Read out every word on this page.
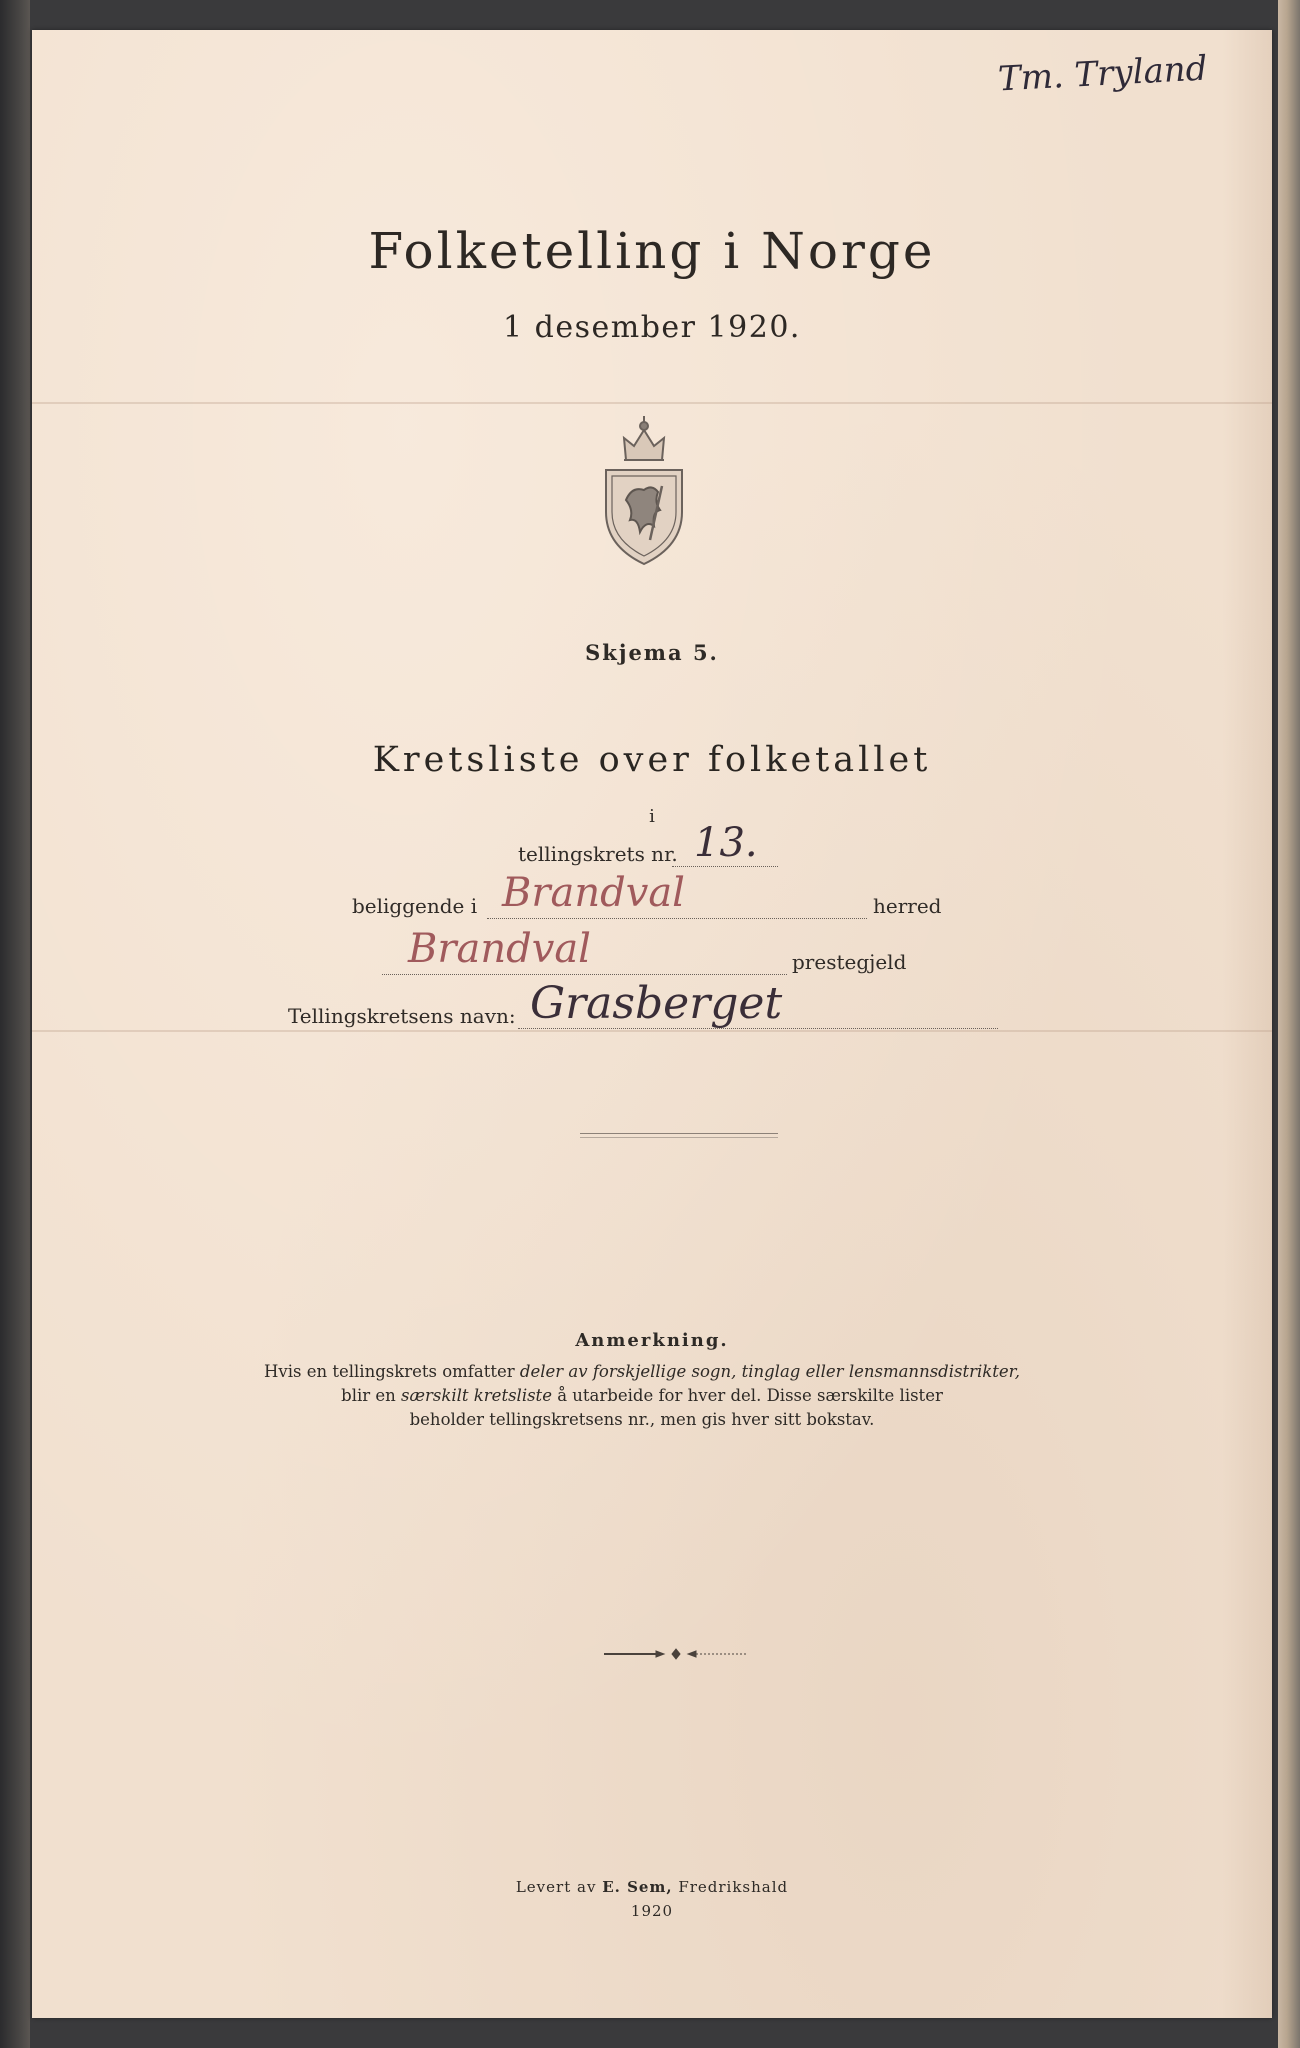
Tm. Tryland
Folketelling i Norge
1 desember 1920.
Skjema 5.
Kretsliste over folketallet
i
tellingskrets nr. 13.
beliggende i Brandval	herred
Brandval	prestegjeld
Tellingskretsens navn: Grasberget
Anmerkning.
Hvis en tellingskrets omfatter deler av forskjellige sogn, tinglag eller lensmannsdistrikter,
blir en særskilt kretsliste å utarbeide for hver del. Disse særskilte lister
beholder tellingskretsens nr., men gis hver sitt bokstav.
Levert av E. Sem, Fredrikshald
1920
